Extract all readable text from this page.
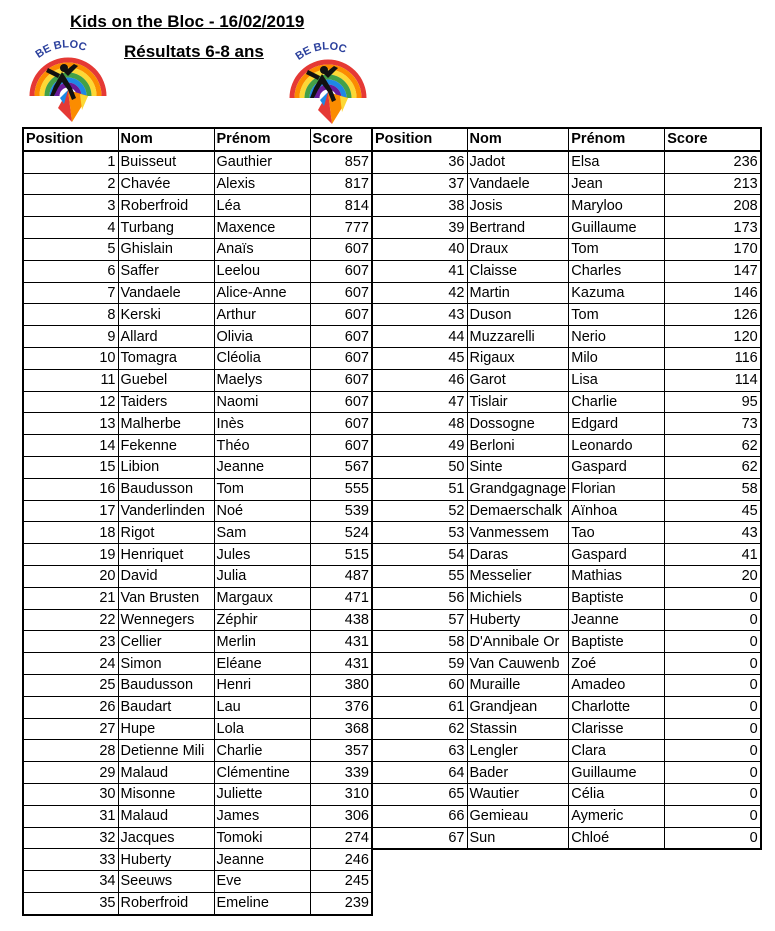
Kids on the Bloc - 16/02/2019
Résultats 6-8 ans
BE BLOC
BE BLOC
Position	Nom	Prénom	Score
1	Buisseut	Gauthier	857
2	Chavée	Alexis	817
3	Roberfroid	Léa	814
4	Turbang	Maxence	777
5	Ghislain	Anaïs	607
6	Saffer	Leelou	607
7	Vandaele	Alice-Anne	607
8	Kerski	Arthur	607
9	Allard	Olivia	607
10	Tomagra	Cléolia	607
11	Guebel	Maelys	607
12	Taiders	Naomi	607
13	Malherbe	Inès	607
14	Fekenne	Théo	607
15	Libion	Jeanne	567
16	Baudusson	Tom	555
17	Vanderlinden	Noé	539
18	Rigot	Sam	524
19	Henriquet	Jules	515
20	David	Julia	487
21	Van Brusten	Margaux	471
22	Wennegers	Zéphir	438
23	Cellier	Merlin	431
24	Simon	Eléane	431
25	Baudusson	Henri	380
26	Baudart	Lau	376
27	Hupe	Lola	368
28	Detienne Mili	Charlie	357
29	Malaud	Clémentine	339
30	Misonne	Juliette	310
31	Malaud	James	306
32	Jacques	Tomoki	274
33	Huberty	Jeanne	246
34	Seeuws	Eve	245
35	Roberfroid	Emeline	239
Position	Nom	Prénom	Score
36	Jadot	Elsa	236
37	Vandaele	Jean	213
38	Josis	Maryloo	208
39	Bertrand	Guillaume	173
40	Draux	Tom	170
41	Claisse	Charles	147
42	Martin	Kazuma	146
43	Duson	Tom	126
44	Muzzarelli	Nerio	120
45	Rigaux	Milo	116
46	Garot	Lisa	114
47	Tislair	Charlie	95
48	Dossogne	Edgard	73
49	Berloni	Leonardo	62
50	Sinte	Gaspard	62
51	Grandgagnage	Florian	58
52	Demaerschalk	Aïnhoa	45
53	Vanmessem	Tao	43
54	Daras	Gaspard	41
55	Messelier	Mathias	20
56	Michiels	Baptiste	0
57	Huberty	Jeanne	0
58	D'Annibale Or	Baptiste	0
59	Van Cauwenb	Zoé	0
60	Muraille	Amadeo	0
61	Grandjean	Charlotte	0
62	Stassin	Clarisse	0
63	Lengler	Clara	0
64	Bader	Guillaume	0
65	Wautier	Célia	0
66	Gemieau	Aymeric	0
67	Sun	Chloé	0
